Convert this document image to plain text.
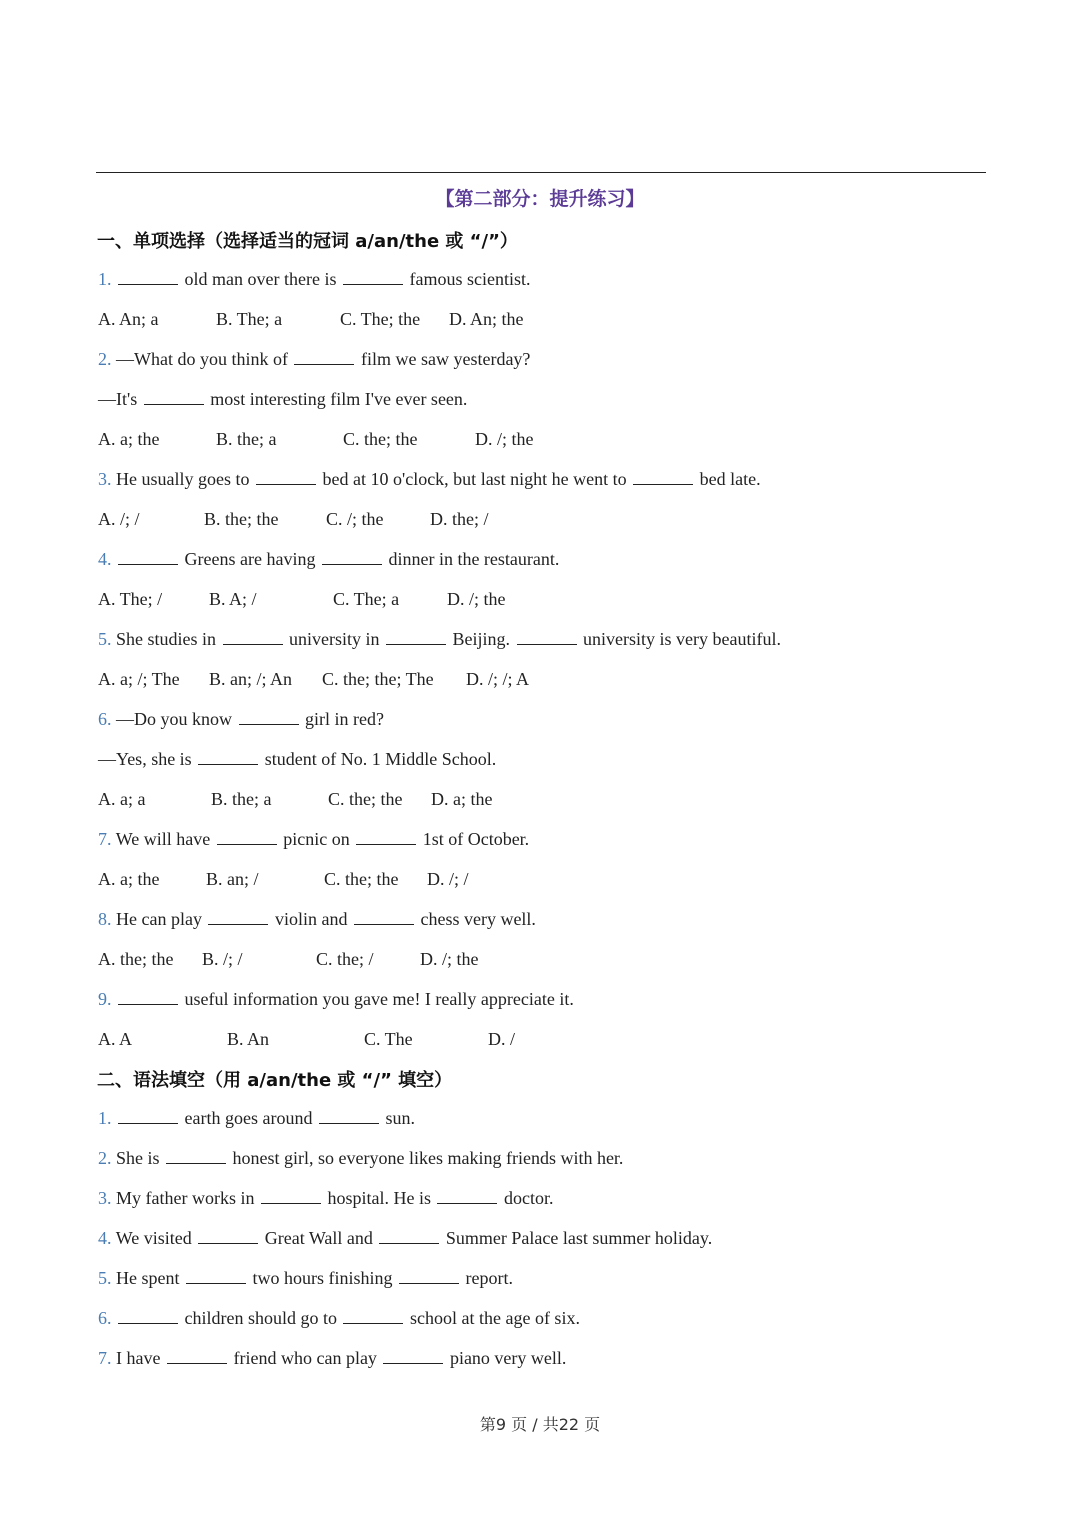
【第二部分：提升练习】
一、单项选择（选择适当的冠词 a/an/the 或 “/”）
1.	old man over there is	famous scientist.
A. An; a	B. The; a	C. The; the D. An; the
2. —What do you think of	film we saw yesterday?
—It's	most interesting film I've ever seen.
A. a; the	B. the; a	C. the; the	D. /; the
3. He usually goes to	bed at 10 o'clock, but last night he went to	bed late.
A. /; /	B. the; the	C. /; the	D. the; /
4.	Greens are having	dinner in the restaurant.
A. The; /	B. A; /	C. The; a	D. /; the
5. She studies in	university in	Beijing.	university is very beautiful.
A. a; /; The B. an; /; An C. the; the; The D. /; /; A
6. —Do you know	girl in red?
—Yes, she is	student of No. 1 Middle School.
A. a; a	B. the; a	C. the; the D. a; the
7. We will have	picnic on	1st of October.
A. a; the	B. an; /	C. the; the D. /; /
8. He can play	violin and	chess very well.
A. the; the B. /; /	C. the; /	D. /; the
9.	useful information you gave me! I really appreciate it.
A. A	B. An	C. The	D. /
二、语法填空（用 a/an/the 或 “/” 填空）
1.	earth goes around	sun.
2. She is	honest girl, so everyone likes making friends with her.
3. My father works in	hospital. He is	doctor.
4. We visited	Great Wall and	Summer Palace last summer holiday.
5. He spent	two hours finishing	report.
6.	children should go to	school at the age of six.
7. I have	friend who can play	piano very well.
第9 页 / 共22 页
